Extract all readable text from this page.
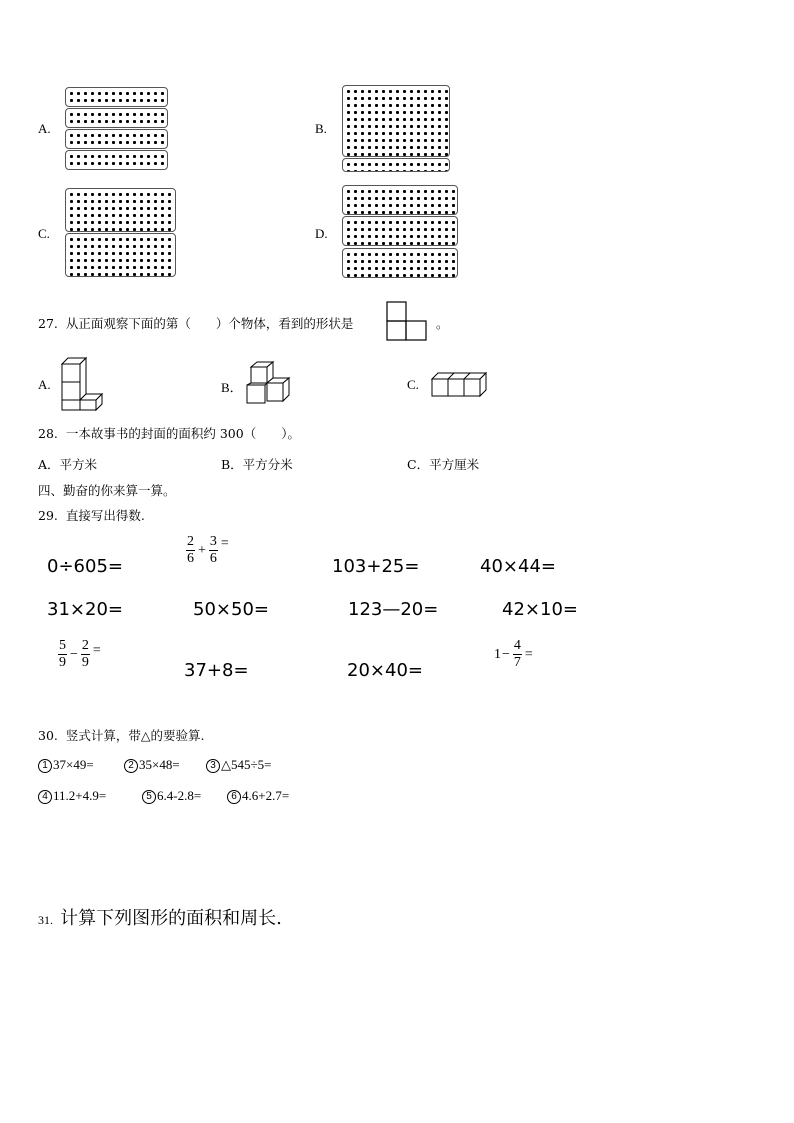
A.	B.
C.	D.
27. 从正面观察下面的第（　　）个物体，看到的形状是	。
A.	B．	C.
28. 一本故事书的封面的面积约 300（　　）。
A．平方米	B．平方分米	C．平方厘米
四、勤奋的你来算一算。
29. 直接写出得数.
0÷605=	$\frac{2}{6} + \frac{3}{6}$ =
103+25=	40×44=
31×20=	50×50=	123—20=	42×10=
$\frac{5}{9} - \frac{2}{9}$ =
37+8=	20×40=
$1 - \frac{4}{7}$ =
30. 竖式计算，带△的要验算.
1 37×49=	2 35×48=	3 △545÷5=
4 11.2+4.9=	5 6.4-2.8=	6 4.6+2.7=
31. 计算下列图形的面积和周长.
